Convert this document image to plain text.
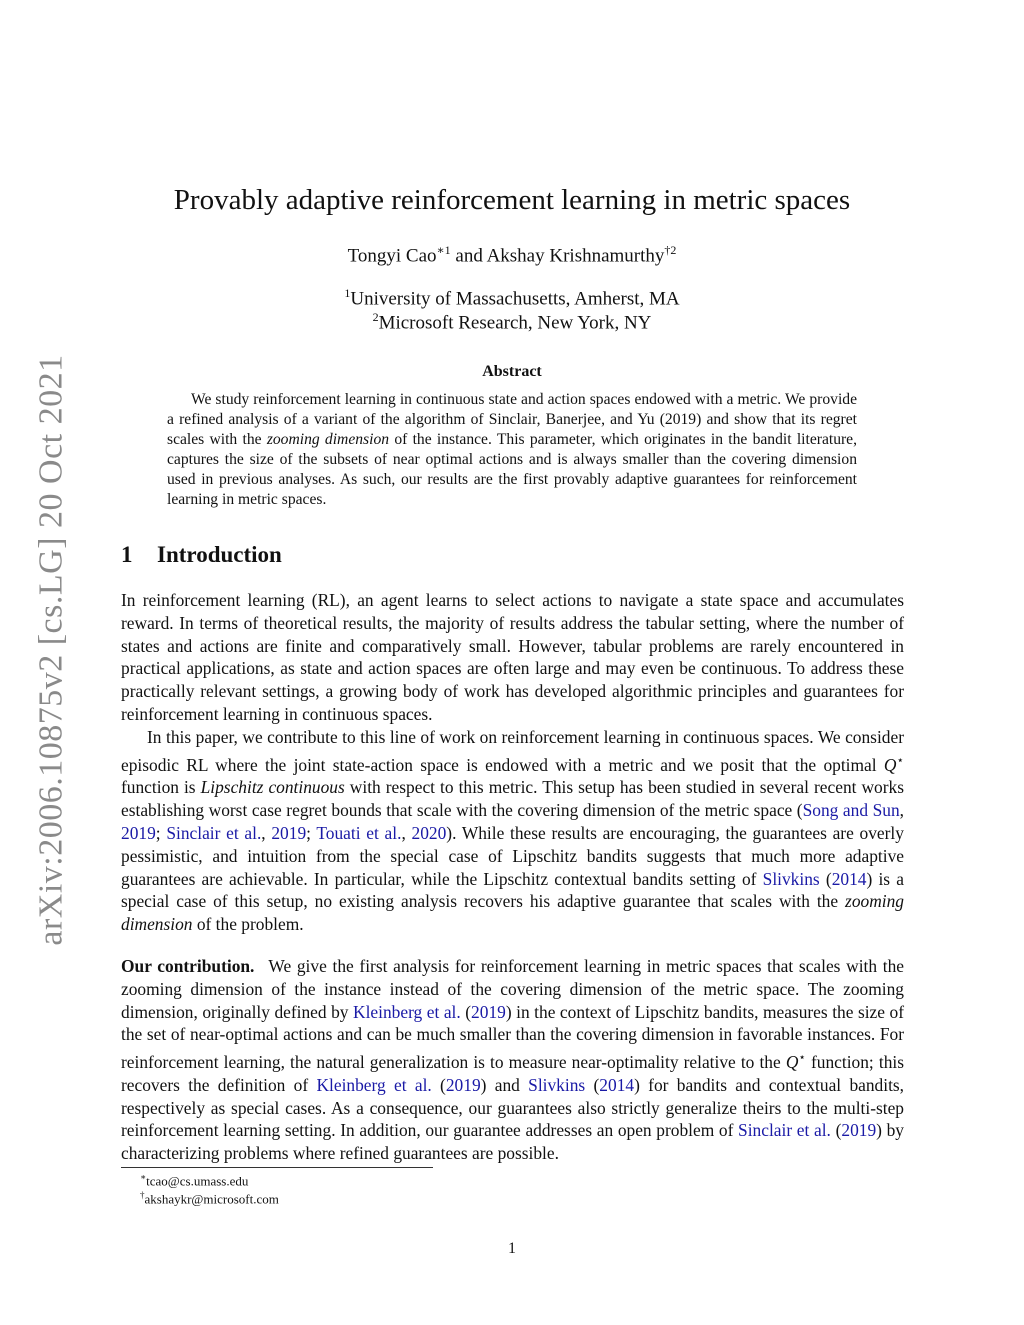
arXiv:2006.10875v2 [cs.LG] 20 Oct 2021
Provably adaptive reinforcement learning in metric spaces
Tongyi Cao$^{∗1}$ and Akshay Krishnamurthy$^{\dagger 2}$
$^1$University of Massachusetts, Amherst, MA
$^2$Microsoft Research, New York, NY
Abstract

We study reinforcement learning in continuous state and action spaces endowed with a metric. We provide a refined analysis of a variant of the algorithm of Sinclair, Banerjee, and Yu (2019) and show that its regret scales with the zooming dimension of the instance. This parameter, which originates in the bandit literature, captures the size of the subsets of near optimal actions and is always smaller than the covering dimension used in previous analyses. As such, our results are the first provably adaptive guarantees for reinforcement learning in metric spaces.

1 Introduction

In reinforcement learning (RL), an agent learns to select actions to navigate a state space and accumulates reward. In terms of theoretical results, the majority of results address the tabular setting, where the number of states and actions are finite and comparatively small. However, tabular problems are rarely encountered in practical applications, as state and action spaces are often large and may even be continuous. To address these practically relevant settings, a growing body of work has developed algorithmic principles and guarantees for reinforcement learning in continuous spaces.

In this paper, we contribute to this line of work on reinforcement learning in continuous spaces. We consider episodic RL where the joint state-action space is endowed with a metric and we posit that the optimal Q⋆ function is Lipschitz continuous with respect to this metric. This setup has been studied in several recent works establishing worst case regret bounds that scale with the covering dimension of the metric space (Song and Sun, 2019; Sinclair et al., 2019; Touati et al., 2020). While these results are encouraging, the guarantees are overly pessimistic, and intuition from the special case of Lipschitz bandits suggests that much more adaptive guarantees are achievable. In particular, while the Lipschitz contextual bandits setting of Slivkins (2014) is a special case of this setup, no existing analysis recovers his adaptive guarantee that scales with the zooming dimension of the problem.

Our contribution. We give the first analysis for reinforcement learning in metric spaces that scales with the zooming dimension of the instance instead of the covering dimension of the metric space. The zooming dimension, originally defined by Kleinberg et al. (2019) in the context of Lipschitz bandits, measures the size of the set of near-optimal actions and can be much smaller than the covering dimension in favorable instances. For reinforcement learning, the natural generalization is to measure near-optimality relative to the Q⋆ function; this recovers the definition of Kleinberg et al. (2019) and Slivkins (2014) for bandits and contextual bandits, respectively as special cases. As a consequence, our guarantees also strictly generalize theirs to the multi-step reinforcement learning setting. In addition, our guarantee addresses an open problem of Sinclair et al. (2019) by characterizing problems where refined guarantees are possible.

∗tcao@cs.umass.edu
†akshaykr@microsoft.com
1
